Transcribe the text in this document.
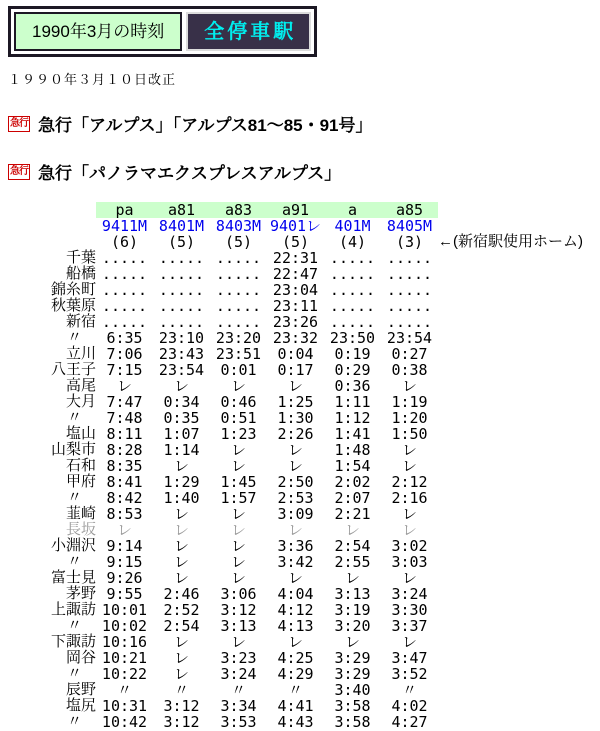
1990年3月の時刻	全停車駅
１９９０年３月１０日改正
急行 急行「アルプス」「アルプス81～85・91号」
急行 急行「パノラマエクスプレスアルプス」
	pa	a81	a83	a91	a	a85	
	9411M	8401M	8403M	9401レ	401M	8405M	
	(6)	(5)	(5)	(5)	(4)	(3)	←(新宿駅使用ホーム)
千葉	.....	.....	.....	22:31	.....	.....	
船橋	.....	.....	.....	22:47	.....	.....	
錦糸町	.....	.....	.....	23:04	.....	.....	
秋葉原	.....	.....	.....	23:11	.....	.....	
新宿	.....	.....	.....	23:26	.....	.....	
〃	6:35	23:10	23:20	23:32	23:50	23:54	
立川	7:06	23:43	23:51	0:04	0:19	0:27	
八王子	7:15	23:54	0:01	0:17	0:29	0:38	
高尾	レ	レ	レ	レ	0:36	レ	
大月	7:47	0:34	0:46	1:25	1:11	1:19	
〃	7:48	0:35	0:51	1:30	1:12	1:20	
塩山	8:11	1:07	1:23	2:26	1:41	1:50	
山梨市	8:28	1:14	レ	レ	1:48	レ	
石和	8:35	レ	レ	レ	1:54	レ	
甲府	8:41	1:29	1:45	2:50	2:02	2:12	
〃	8:42	1:40	1:57	2:53	2:07	2:16	
韮崎	8:53	レ	レ	3:09	2:21	レ	
長坂	レ	レ	レ	レ	レ	レ	
小淵沢	9:14	レ	レ	3:36	2:54	3:02	
〃	9:15	レ	レ	3:42	2:55	3:03	
富士見	9:26	レ	レ	レ	レ	レ	
茅野	9:55	2:46	3:06	4:04	3:13	3:24	
上諏訪	10:01	2:52	3:12	4:12	3:19	3:30	
〃	10:02	2:54	3:13	4:13	3:20	3:37	
下諏訪	10:16	レ	レ	レ	レ	レ	
岡谷	10:21	レ	3:23	4:25	3:29	3:47	
〃	10:22	レ	3:24	4:29	3:29	3:52	
辰野	〃	〃	〃	〃	3:40	〃	
塩尻	10:31	3:12	3:34	4:41	3:58	4:02	
〃	10:42	3:12	3:53	4:43	3:58	4:27	
